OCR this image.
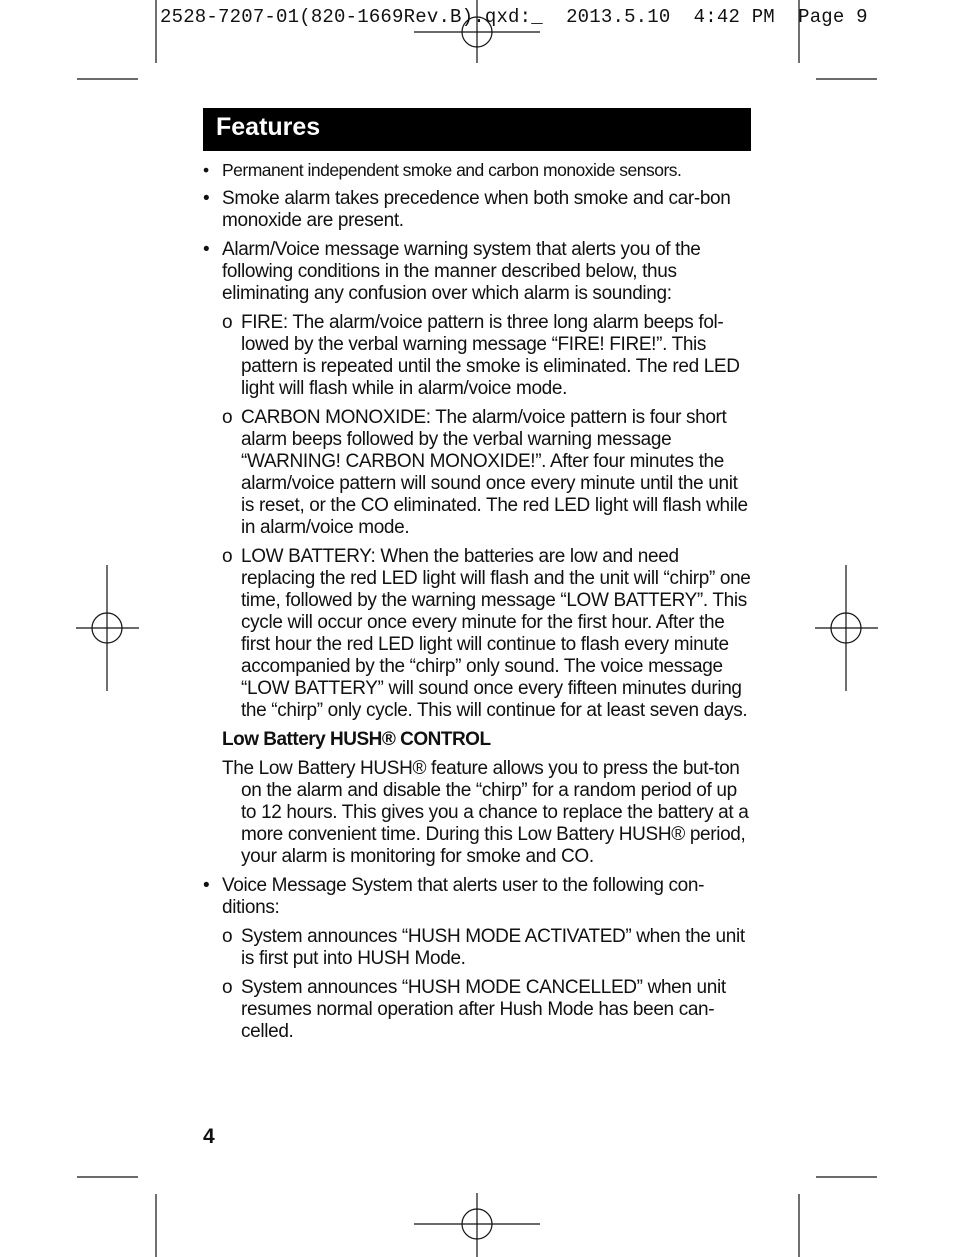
2528-7207-01(820-1669Rev.B).qxd:_  2013.5.10  4:42 PM  Page 9
Features
• Permanent independent smoke and carbon monoxide sensors.
• Smoke alarm takes precedence when both smoke and car-bon monoxide are present.
• Alarm/Voice message warning system that alerts you of the following conditions in the manner described below, thus eliminating any confusion over which alarm is sounding:
o FIRE: The alarm/voice pattern is three long alarm beeps fol-lowed by the verbal warning message “FIRE! FIRE!”. This pattern is repeated until the smoke is eliminated. The red LED light will flash while in alarm/voice mode.
o CARBON MONOXIDE: The alarm/voice pattern is four short alarm beeps followed by the verbal warning message “WARNING! CARBON MONOXIDE!”. After four minutes the alarm/voice pattern will sound once every minute until the unit is reset, or the CO eliminated. The red LED light will flash while in alarm/voice mode.
o LOW BATTERY: When the batteries are low and need replacing the red LED light will flash and the unit will “chirp” one time, followed by the warning message “LOW BATTERY”. This cycle will occur once every minute for the first hour. After the first hour the red LED light will continue to flash every minute accompanied by the “chirp” only sound. The voice message “LOW BATTERY” will sound once every fifteen minutes during the “chirp” only cycle. This will continue for at least seven days.
Low Battery HUSH® CONTROL
The Low Battery HUSH® feature allows you to press the but-ton on the alarm and disable the “chirp” for a random period of up to 12 hours. This gives you a chance to replace the battery at a more convenient time. During this Low Battery HUSH® period, your alarm is monitoring for smoke and CO.
• Voice Message System that alerts user to the following con-ditions:
o System announces “HUSH MODE ACTIVATED” when the unit is first put into HUSH Mode.
o System announces “HUSH MODE CANCELLED” when unit resumes normal operation after Hush Mode has been can-celled.
4
